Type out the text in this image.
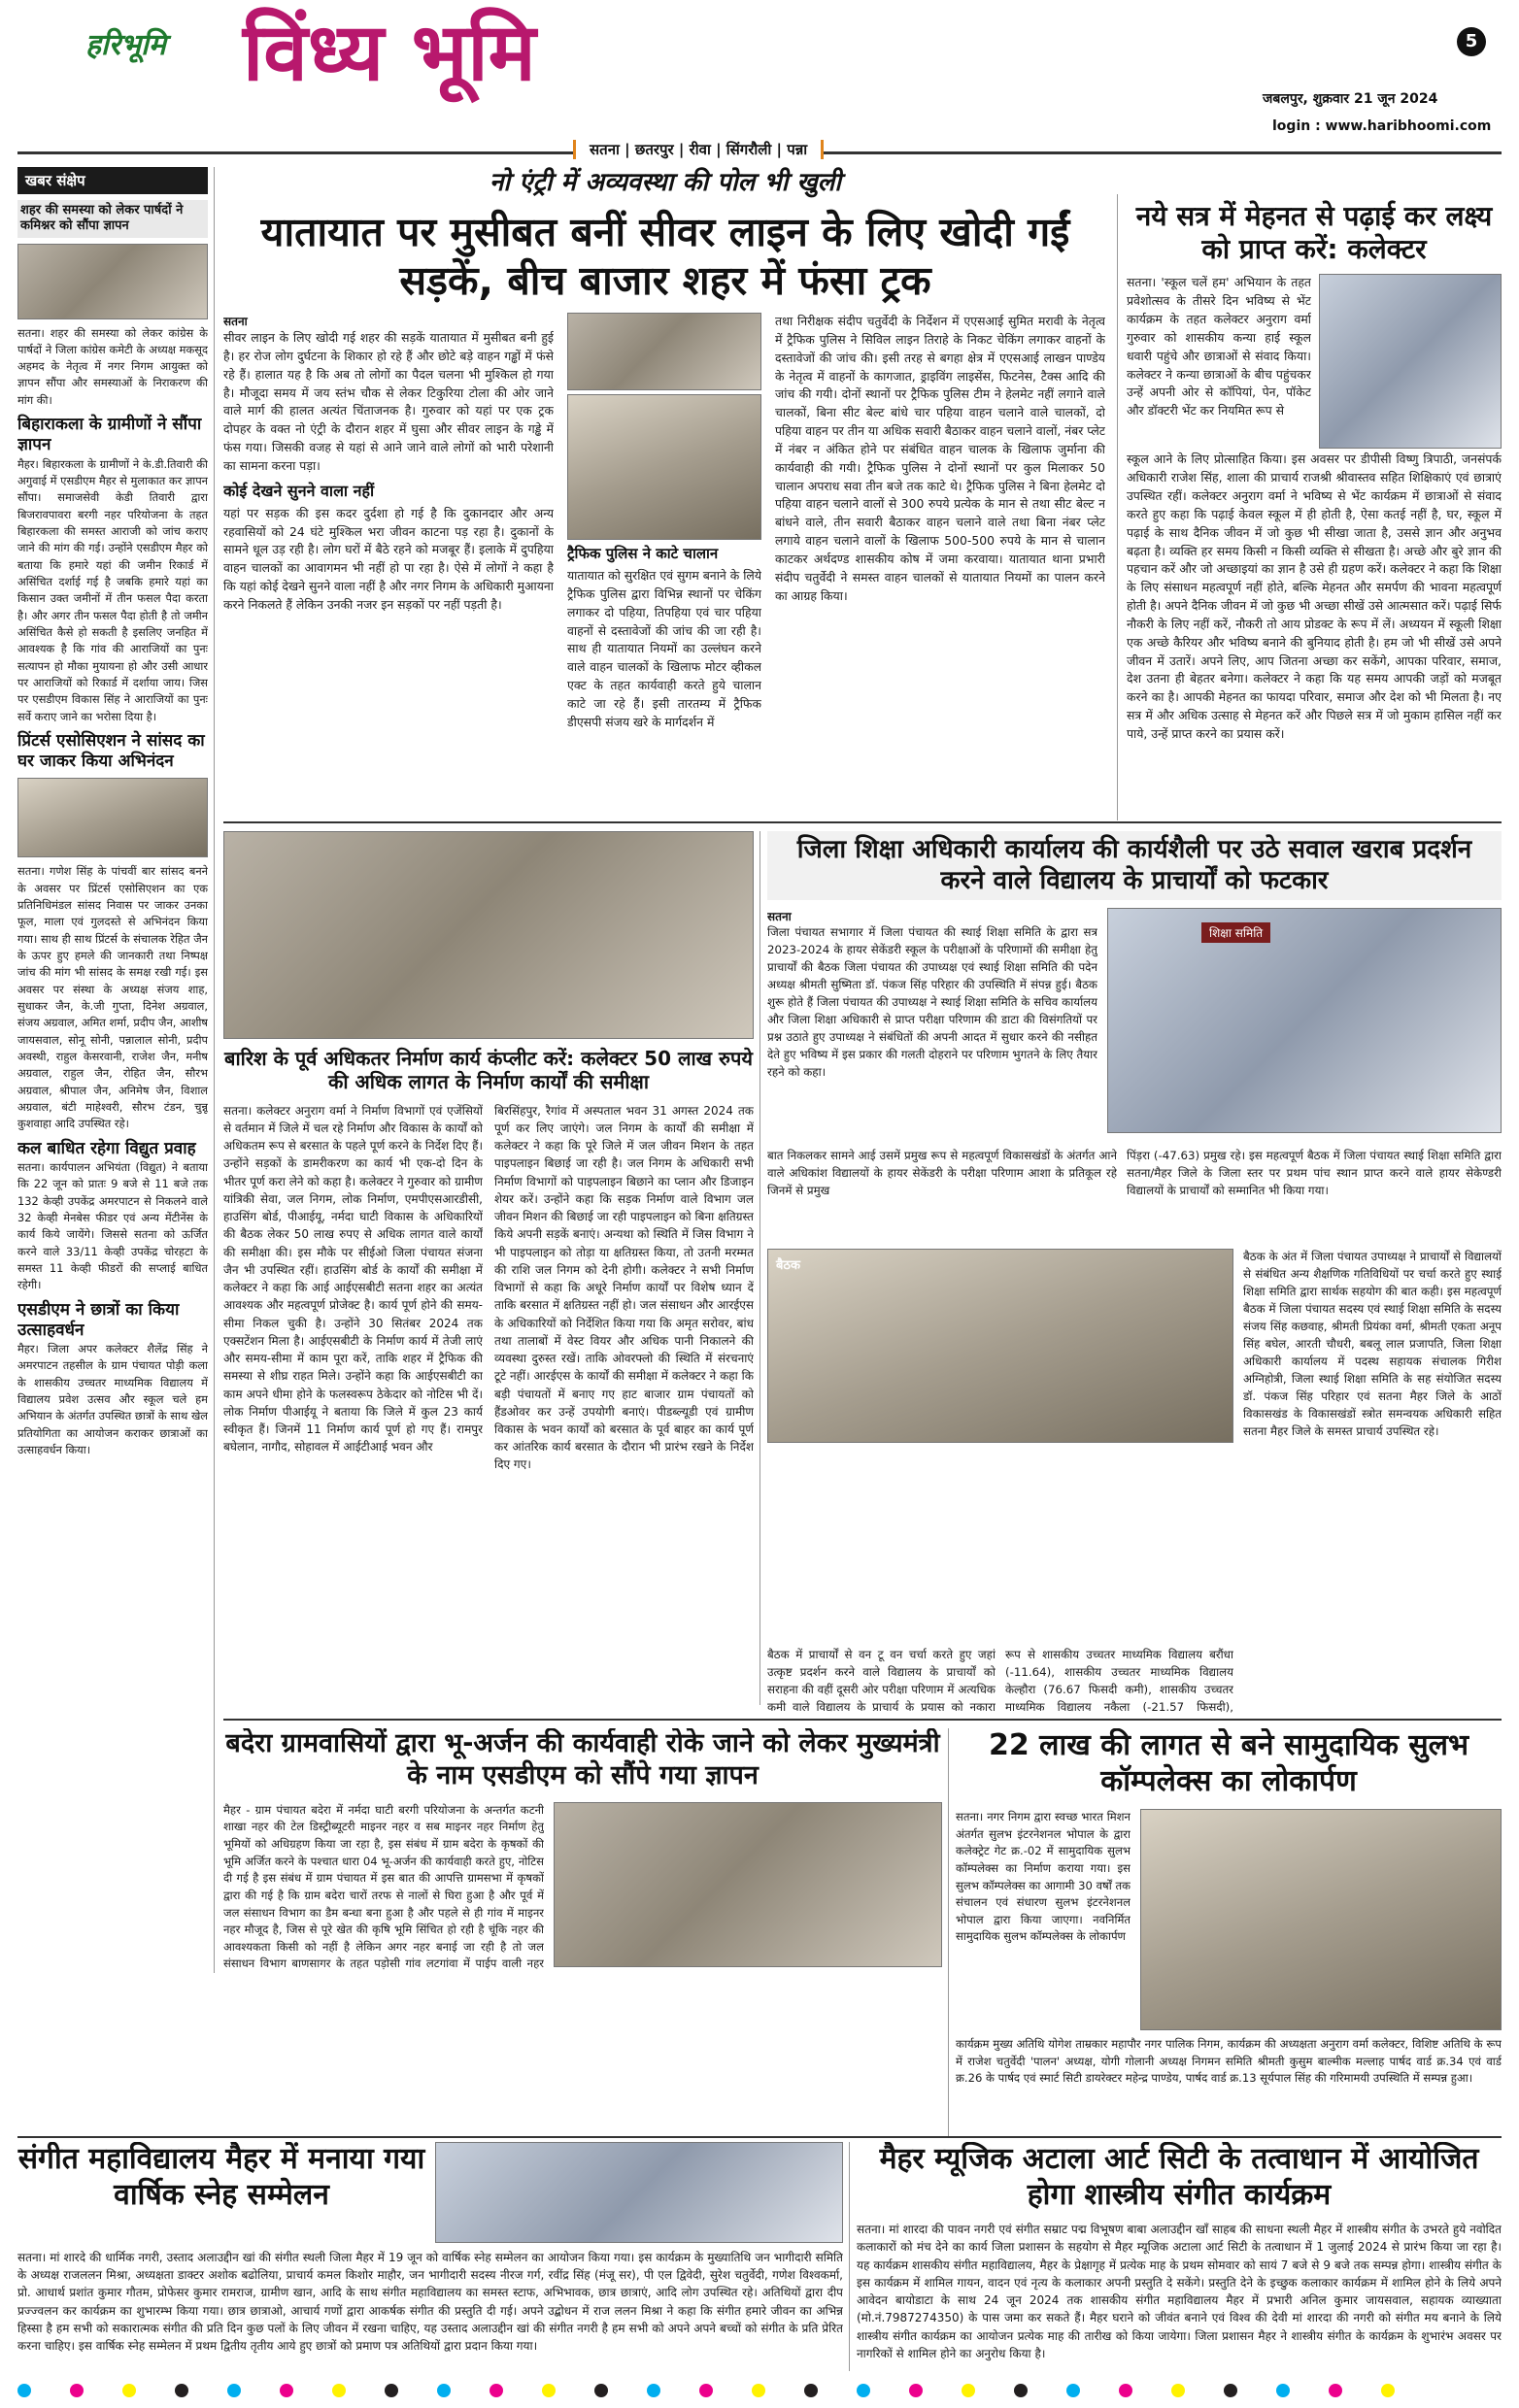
हरिभूमि विंध्य भूमि	5
जबलपुर, शुक्रवार 21 जून 2024
login : www.haribhoomi.com
सतना | छतरपुर | रीवा | सिंगरौली | पन्ना
खबर संक्षेप
शहर की समस्या को लेकर पार्षदों ने कमिश्नर को सौंपा ज्ञापन
सतना। शहर की समस्या को लेकर कांग्रेस के पार्षदों ने जिला कांग्रेस कमेटी के अध्यक्ष मकसूद अहमद के नेतृत्व में नगर निगम आयुक्त को ज्ञापन सौंपा और समस्याओं के निराकरण की मांग की।
बिहाराकला के ग्रामीणों ने सौंपा ज्ञापन
मैहर। बिहारकला के ग्रामीणों ने के.डी.तिवारी की अगुवाई में एसडीएम मैहर से मुलाकात कर ज्ञापन सौंपा। समाजसेवी केडी तिवारी द्वारा बिजरावपावरा बरगी नहर परियोजना के तहत बिहारकला की समस्त आराजी को जांच कराए जाने की मांग की गई। उन्होंने एसडीएम मैहर को बताया कि हमारे यहां की जमीन रिकार्ड में असिंचित दर्शाई गई है जबकि हमारे यहां का किसान उक्त जमीनों में तीन फसल पैदा करता है। और अगर तीन फसल पैदा होती है तो जमीन असिंचित कैसे हो सकती है इसलिए जनहित में आवश्यक है कि गांव की आराजियों का पुनः सत्यापन हो मौका मुयायना हो और उसी आधार पर आराजियों को रिकार्ड में दर्शाया जाय। जिस पर एसडीएम विकास सिंह ने आराजियों का पुनः सर्वे कराए जाने का भरोसा दिया है।
प्रिंटर्स एसोसिएशन ने सांसद का घर जाकर किया अभिनंदन
सतना। गणेश सिंह के पांचवीं बार सांसद बनने के अवसर पर प्रिंटर्स एसोसिएशन का एक प्रतिनिधिमंडल सांसद निवास पर जाकर उनका फूल, माला एवं गुलदस्ते से अभिनंदन किया गया। साथ ही साथ प्रिंटर्स के संचालक रेहित जैन के ऊपर हुए हमले की जानकारी तथा निष्पक्ष जांच की मांग भी सांसद के समक्ष रखी गई। इस अवसर पर संस्था के अध्यक्ष संजय शाह, सुधाकर जैन, के.जी गुप्ता, दिनेश अग्रवाल, संजय अग्रवाल, अमित शर्मा, प्रदीप जैन, आशीष जायसवाल, सोनू सोनी, पन्नालाल सोनी, प्रदीप अवस्थी, राहुल केसरवानी, राजेश जैन, मनीष अग्रवाल, राहुल जैन, रोहित जैन, सौरभ अग्रवाल, श्रीपाल जैन, अनिमेष जैन, विशाल अग्रवाल, बंटी माहेश्वरी, सौरभ टंडन, चुन्नू कुशवाहा आदि उपस्थित रहे।
कल बाधित रहेगा विद्युत प्रवाह
सतना। कार्यपालन अभियंता (विद्युत) ने बताया कि 22 जून को प्रातः 9 बजे से 11 बजे तक 132 केव्ही उपकेंद्र अमरपाटन से निकलने वाले 32 केव्ही मेनबेस फीडर एवं अन्य मेंटीनेंस के कार्य किये जायेंगे। जिससे सतना को ऊर्जित करने वाले 33/11 केव्ही उपकेंद्र चोरहटा के समस्त 11 केव्ही फीडरों की सप्लाई बाधित रहेगी।
एसडीएम ने छात्रों का किया उत्साहवर्धन
मैहर। जिला अपर कलेक्टर शैलेंद्र सिंह ने अमरपाटन तहसील के ग्राम पंचायत पोड़ी कला के शासकीय उच्चतर माध्यमिक विद्यालय में विद्यालय प्रवेश उत्सव और स्कूल चले हम अभियान के अंतर्गत उपस्थित छात्रों के साथ खेल प्रतियोगिता का आयोजन कराकर छात्राओं का उत्साहवर्धन किया।
नो एंट्री में अव्यवस्था की पोल भी खुली
यातायात पर मुसीबत बनीं सीवर लाइन के लिए खोदी गईं सड़कें, बीच बाजार शहर में फंसा ट्रक
सतना
सीवर लाइन के लिए खोदी गई शहर की सड़कें यातायात में मुसीबत बनी हुई है। हर रोज लोग दुर्घटना के शिकार हो रहे हैं और छोटे बड़े वाहन गड्ढों में फंसे रहे हैं। हालात यह है कि अब तो लोगों का पैदल चलना भी मुश्किल हो गया है। मौजूदा समय में जय स्तंभ चौक से लेकर टिकुरिया टोला की ओर जाने वाले मार्ग की हालत अत्यंत चिंताजनक है। गुरुवार को यहां पर एक ट्रक दोपहर के वक्त नो एंट्री के दौरान शहर में घुसा और सीवर लाइन के गड्ढे में फंस गया। जिसकी वजह से यहां से आने जाने वाले लोगों को भारी परेशानी का सामना करना पड़ा।
कोई देखने सुनने वाला नहीं
यहां पर सड़क की इस कदर दुर्दशा हो गई है कि दुकानदार और अन्य रहवासियों को 24 घंटे मुश्किल भरा जीवन काटना पड़ रहा है। दुकानों के सामने धूल उड़ रही है। लोग घरों में बैठे रहने को मजबूर हैं। इलाके में दुपहिया वाहन चालकों का आवागमन भी नहीं हो पा रहा है। ऐसे में लोगों ने कहा है कि यहां कोई देखने सुनने वाला नहीं है और नगर निगम के अधिकारी मुआयना करने निकलते हैं लेकिन उनकी नजर इन सड़कों पर नहीं पड़ती है।
ट्रैफिक पुलिस ने काटे चालान
यातायात को सुरक्षित एवं सुगम बनाने के लिये ट्रैफिक पुलिस द्वारा विभिन्न स्थानों पर चेकिंग लगाकर दो पहिया, तिपहिया एवं चार पहिया वाहनों से दस्तावेजों की जांच की जा रही है। साथ ही यातायात नियमों का उल्लंघन करने वाले वाहन चालकों के खिलाफ मोटर व्हीकल एक्ट के तहत कार्यवाही करते हुये चालान काटे जा रहे हैं। इसी तारतम्य में ट्रैफिक डीएसपी संजय खरे के मार्गदर्शन में
तथा निरीक्षक संदीप चतुर्वेदी के निर्देशन में एएसआई सुमित मरावी के नेतृत्व में ट्रैफिक पुलिस ने सिविल लाइन तिराहे के निकट चेकिंग लगाकर वाहनों के दस्तावेजों की जांच की। इसी तरह से बगहा क्षेत्र में एएसआई लाखन पाण्डेय के नेतृत्व में वाहनों के कागजात, ड्राइविंग लाइसेंस, फिटनेस, टैक्स आदि की जांच की गयी। दोनों स्थानों पर ट्रैफिक पुलिस टीम ने हेलमेट नहीं लगाने वाले चालकों, बिना सीट बेल्ट बांधे चार पहिया वाहन चलाने वाले चालकों, दो पहिया वाहन पर तीन या अधिक सवारी बैठाकर वाहन चलाने वालों, नंबर प्लेट में नंबर न अंकित होने पर संबंधित वाहन चालक के खिलाफ जुर्माना की कार्यवाही की गयी। ट्रैफिक पुलिस ने दोनों स्थानों पर कुल मिलाकर 50 चालान अपराध सवा तीन बजे तक काटे थे। ट्रैफिक पुलिस ने बिना हेलमेट दो पहिया वाहन चलाने वालों से 300 रुपये प्रत्येक के मान से तथा सीट बेल्ट न बांधने वाले, तीन सवारी बैठाकर वाहन चलाने वाले तथा बिना नंबर प्लेट लगाये वाहन चलाने वालों के खिलाफ 500-500 रुपये के मान से चालान काटकर अर्थदण्ड शासकीय कोष में जमा करवाया। यातायात थाना प्रभारी संदीप चतुर्वेदी ने समस्त वाहन चालकों से यातायात नियमों का पालन करने का आग्रह किया।
नये सत्र में मेहनत से पढ़ाई कर लक्ष्य को प्राप्त करें: कलेक्टर
सतना। 'स्कूल चलें हम' अभियान के तहत प्रवेशोत्सव के तीसरे दिन भविष्य से भेंट कार्यक्रम के तहत कलेक्टर अनुराग वर्मा गुरुवार को शासकीय कन्या हाई स्कूल धवारी पहुंचे और छात्राओं से संवाद किया। कलेक्टर ने कन्या छात्राओं के बीच पहुंचकर उन्हें अपनी ओर से कॉपियां, पेन, पॉकेट और डॉक्टरी भेंट कर नियमित रूप से
स्कूल आने के लिए प्रोत्साहित किया। इस अवसर पर डीपीसी विष्णु त्रिपाठी, जनसंपर्क अधिकारी राजेश सिंह, शाला की प्राचार्य राजश्री श्रीवास्तव सहित शिक्षिकाएं एवं छात्राएं उपस्थित रहीं। कलेक्टर अनुराग वर्मा ने भविष्य से भेंट कार्यक्रम में छात्राओं से संवाद करते हुए कहा कि पढ़ाई केवल स्कूल में ही होती है, ऐसा कतई नहीं है, घर, स्कूल में पढ़ाई के साथ दैनिक जीवन में जो कुछ भी सीखा जाता है, उससे ज्ञान और अनुभव बढ़ता है। व्यक्ति हर समय किसी न किसी व्यक्ति से सीखता है। अच्छे और बुरे ज्ञान की पहचान करें और जो अच्छाइयां का ज्ञान है उसे ही ग्रहण करें। कलेक्टर ने कहा कि शिक्षा के लिए संसाधन महत्वपूर्ण नहीं होते, बल्कि मेहनत और समर्पण की भावना महत्वपूर्ण होती है। अपने दैनिक जीवन में जो कुछ भी अच्छा सीखें उसे आत्मसात करें। पढ़ाई सिर्फ नौकरी के लिए नहीं करें, नौकरी तो आय प्रोडक्ट के रूप में लें। अध्ययन में स्कूली शिक्षा एक अच्छे कैरियर और भविष्य बनाने की बुनियाद होती है। हम जो भी सीखें उसे अपने जीवन में उतारें। अपने लिए, आप जितना अच्छा कर सकेंगे, आपका परिवार, समाज, देश उतना ही बेहतर बनेगा। कलेक्टर ने कहा कि यह समय आपकी जड़ों को मजबूत करने का है। आपकी मेहनत का फायदा परिवार, समाज और देश को भी मिलता है। नए सत्र में और अधिक उत्साह से मेहनत करें और पिछले सत्र में जो मुकाम हासिल नहीं कर पाये, उन्हें प्राप्त करने का प्रयास करें।
बारिश के पूर्व अधिकतर निर्माण कार्य कंप्लीट करें: कलेक्टर 50 लाख रुपये की अधिक लागत के निर्माण कार्यों की समीक्षा
सतना। कलेक्टर अनुराग वर्मा ने निर्माण विभागों एवं एजेंसियों से वर्तमान में जिले में चल रहे निर्माण और विकास के कार्यों को अधिकतम रूप से बरसात के पहले पूर्ण करने के निर्देश दिए हैं। उन्होंने सड़कों के डामरीकरण का कार्य भी एक-दो दिन के भीतर पूर्ण करा लेने को कहा है। कलेक्टर ने गुरुवार को ग्रामीण यांत्रिकी सेवा, जल निगम, लोक निर्माण, एमपीएसआरडीसी, हाउसिंग बोर्ड, पीआईयू, नर्मदा घाटी विकास के अधिकारियों की बैठक लेकर 50 लाख रुपए से अधिक लागत वाले कार्यों की समीक्षा की। इस मौके पर सीईओ जिला पंचायत संजना जैन भी उपस्थित रहीं। हाउसिंग बोर्ड के कार्यों की समीक्षा में कलेक्टर ने कहा कि आई आईएसबीटी सतना शहर का अत्यंत आवश्यक और महत्वपूर्ण प्रोजेक्ट है। कार्य पूर्ण होने की समय-सीमा निकल चुकी है। उन्होंने 30 सितंबर 2024 तक एक्सटेंशन मिला है। आईएसबीटी के निर्माण कार्य में तेजी लाएं और समय-सीमा में काम पूरा करें, ताकि शहर में ट्रैफिक की समस्या से शीघ्र राहत मिले। उन्होंने कहा कि आईएसबीटी का काम अपने धीमा होने के फलस्वरूप ठेकेदार को नोटिस भी दें। लोक निर्माण पीआईयू ने बताया कि जिले में कुल 23 कार्य स्वीकृत हैं। जिनमें 11 निर्माण कार्य पूर्ण हो गए हैं। रामपुर बघेलान, नागौद, सोहावल में आईटीआई भवन और
बिरसिंहपुर, रैगांव में अस्पताल भवन 31 अगस्त 2024 तक पूर्ण कर लिए जाएंगे। जल निगम के कार्यों की समीक्षा में कलेक्टर ने कहा कि पूरे जिले में जल जीवन मिशन के तहत पाइपलाइन बिछाई जा रही है। जल निगम के अधिकारी सभी निर्माण विभागों को पाइपलाइन बिछाने का प्लान और डिजाइन शेयर करें। उन्होंने कहा कि सड़क निर्माण वाले विभाग जल जीवन मिशन की बिछाई जा रही पाइपलाइन को बिना क्षतिग्रस्त किये अपनी सड़कें बनाएं। अन्यथा को स्थिति में जिस विभाग ने भी पाइपलाइन को तोड़ा या क्षतिग्रस्त किया, तो उतनी मरम्मत की राशि जल निगम को देनी होगी। कलेक्टर ने सभी निर्माण विभागों से कहा कि अधूरे निर्माण कार्यों पर विशेष ध्यान दें ताकि बरसात में क्षतिग्रस्त नहीं हो। जल संसाधन और आरईएस के अधिकारियों को निर्देशित किया गया कि अमृत सरोवर, बांध तथा तालाबों में वेस्ट वियर और अधिक पानी निकालने की व्यवस्था दुरुस्त रखें। ताकि ओवरफ्लो की स्थिति में संरचनाएं टूटे नहीं। आरईएस के कार्यों की समीक्षा में कलेक्टर ने कहा कि बड़ी पंचायतों में बनाए गए हाट बाजार ग्राम पंचायतों को हैंडओवर कर उन्हें उपयोगी बनाएं। पीडब्ल्यूडी एवं ग्रामीण विकास के भवन कार्यों को बरसात के पूर्व बाहर का कार्य पूर्ण कर आंतरिक कार्य बरसात के दौरान भी प्रारंभ रखने के निर्देश दिए गए।
जिला शिक्षा अधिकारी कार्यालय की कार्यशैली पर उठे सवाल खराब प्रदर्शन करने वाले विद्यालय के प्राचार्यों को फटकार
सतना
जिला पंचायत सभागार में जिला पंचायत की स्थाई शिक्षा समिति के द्वारा सत्र 2023-2024 के हायर सेकेंडरी स्कूल के परीक्षाओं के परिणामों की समीक्षा हेतु प्राचार्यों की बैठक जिला पंचायत की उपाध्यक्ष एवं स्थाई शिक्षा समिति की पदेन अध्यक्ष श्रीमती सुष्मिता डॉ. पंकज सिंह परिहार की उपस्थिति में संपन्न हुई। बैठक शुरू होते हैं जिला पंचायत की उपाध्यक्ष ने स्थाई शिक्षा समिति के सचिव कार्यालय और जिला शिक्षा अधिकारी से प्राप्त परीक्षा परिणाम की डाटा की विसंगतियों पर प्रश्न उठाते हुए उपाध्यक्ष ने संबंधितों की अपनी आदत में सुधार करने की नसीहत देते हुए भविष्य में इस प्रकार की गलती दोहराने पर परिणाम भुगतने के लिए तैयार रहने को कहा।
शिक्षा समिति
बात निकलकर सामने आई उसमें प्रमुख रूप से महत्वपूर्ण विकासखंडों के अंतर्गत आने वाले अधिकांश विद्यालयों के हायर सेकेंडरी के परीक्षा परिणाम आशा के प्रतिकूल रहे जिनमें से प्रमुख
पिंड़रा (-47.63) प्रमुख रहे। इस महत्वपूर्ण बैठक में जिला पंचायत स्थाई शिक्षा समिति द्वारा सतना/मैहर जिले के जिला स्तर पर प्रथम पांच स्थान प्राप्त करने वाले हायर सेकेण्डरी विद्यालयों के प्राचार्यों को सम्मानित भी किया गया।
बैठक
बैठक के अंत में जिला पंचायत उपाध्यक्ष ने प्राचार्यों से विद्यालयों से संबंधित अन्य शैक्षणिक गतिविधियों पर चर्चा करते हुए स्थाई शिक्षा समिति द्वारा सार्थक सहयोग की बात कही। इस महत्वपूर्ण बैठक में जिला पंचायत सदस्य एवं स्थाई शिक्षा समिति के सदस्य संजय सिंह कछवाह, श्रीमती प्रियंका वर्मा, श्रीमती एकता अनूप सिंह बघेल, आरती चौधरी, बबलू लाल प्रजापति, जिला शिक्षा अधिकारी कार्यालय में पदस्थ सहायक संचालक गिरीश अग्निहोत्री, जिला स्थाई शिक्षा समिति के सह संयोजित सदस्य डॉ. पंकज सिंह परिहार एवं सतना मैहर जिले के आठों विकासखंड के विकासखंडों स्त्रोत समन्वयक अधिकारी सहित सतना मैहर जिले के समस्त प्राचार्य उपस्थित रहे।
बैठक में प्राचार्यों से वन टू वन चर्चा करते हुए जहां उत्कृष्ट प्रदर्शन करने वाले विद्यालय के प्राचार्यों को सराहना की वहीं दूसरी ओर परीक्षा परिणाम में अत्यधिक कमी वाले विद्यालय के प्राचार्य के प्रयास को नकारा
रूप से शासकीय उच्चतर माध्यमिक विद्यालय बरौंधा (-11.64), शासकीय उच्चतर माध्यमिक विद्यालय केल्हौरा (76.67 फिसदी कमी), शासकीय उच्चतर माध्यमिक विद्यालय नकैला (-21.57 फिसदी),
बदेरा ग्रामवासियों द्वारा भू-अर्जन की कार्यवाही रोके जाने को लेकर मुख्यमंत्री के नाम एसडीएम को सौंपे गया ज्ञापन
मैहर - ग्राम पंचायत बदेरा में नर्मदा घाटी बरगी परियोजना के अन्तर्गत कटनी शाखा नहर की टेल डिस्ट्रीब्यूटरी माइनर नहर व सब माइनर नहर निर्माण हेतु भूमियों को अधिग्रहण किया जा रहा है, इस संबंध में ग्राम बदेरा के कृषकों की भूमि अर्जित करने के पश्चात धारा 04 भू-अर्जन की कार्यवाही करते हुए, नोटिस दी गई है इस संबंध में ग्राम पंचायत में इस बात की आपत्ति ग्रामसभा में कृषकों द्वारा की गई है कि ग्राम बदेरा चारों तरफ से नालों से घिरा हुआ है और पूर्व में जल संसाधन विभाग का डैम बन्धा बना हुआ है और पहले से ही गांव में माइनर नहर मौजूद है, जिस से पूरे खेत की कृषि भूमि सिंचित हो रही है चूंकि नहर की आवश्यकता किसी को नहीं है लेकिन अगर नहर बनाई जा रही है तो जल संसाधन विभाग बाणसागर के तहत पड़ोसी गांव लटगांवा में पाईप वाली नहर
22 लाख की लागत से बने सामुदायिक सुलभ कॉम्पलेक्स का लोकार्पण
सतना। नगर निगम द्वारा स्वच्छ भारत मिशन अंतर्गत सुलभ इंटरनेशनल भोपाल के द्वारा कलेक्ट्रेट गेट क्र.-02 में सामुदायिक सुलभ कॉम्पलेक्स का निर्माण कराया गया। इस सुलभ कॉम्पलेक्स का आगामी 30 वर्षों तक संचालन एवं संधारण सुलभ इंटरनेशनल भोपाल द्वारा किया जाएगा। नवनिर्मित सामुदायिक सुलभ कॉम्पलेक्स के लोकार्पण
कार्यक्रम मुख्य अतिथि योगेश ताम्रकार महापौर नगर पालिक निगम, कार्यक्रम की अध्यक्षता अनुराग वर्मा कलेक्टर, विशिष्ट अतिथि के रूप में राजेश चतुर्वेदी 'पालन' अध्यक्ष, योगी गोलानी अध्यक्ष निगमन समिति श्रीमती कुसुम बाल्मीक मल्लाह पार्षद वार्ड क्र.34 एवं वार्ड क्र.26 के पार्षद एवं स्मार्ट सिटी डायरेक्टर महेन्द्र पाण्डेय, पार्षद वार्ड क्र.13 सूर्यपाल सिंह की गरिमामयी उपस्थिति में सम्पन्न हुआ।
संगीत महाविद्यालय मैहर में मनाया गया वार्षिक स्नेह सम्मेलन
सतना। मां शारदे की धार्मिक नगरी, उस्ताद अलाउद्दीन खां की संगीत स्थली जिला मैहर में 19 जून को वार्षिक स्नेह सम्मेलन का आयोजन किया गया। इस कार्यक्रम के मुख्यातिथि जन भागीदारी समिति के अध्यक्ष राजललन मिश्रा, अध्यक्षता डाक्टर अशोक बढोलिया, प्राचार्य कमल किशोर माहौर, जन भागीदारी सदस्य नीरज गर्ग, रवींद्र सिंह (मंजू सर), पी एल द्विवेदी, सुरेश चतुर्वेदी, गणेश विश्वकर्मा, प्रो. आधार्थ प्रशांत कुमार गौतम, प्रोफेसर कुमार रामराज, ग्रामीण खान, आदि के साथ संगीत महाविद्यालय का समस्त स्टाफ, अभिभावक, छात्र छात्राएं, आदि लोग उपस्थित रहे। अतिथियों द्वारा दीप प्रज्ज्वलन कर कार्यक्रम का शुभारम्भ किया गया। छात्र छात्राओ, आचार्य गणों द्वारा आकर्षक संगीत की प्रस्तुति दी गई। अपने उद्बोधन में राज ललन मिश्रा ने कहा कि संगीत हमारे जीवन का अभिन्न हिस्सा है हम सभी को सकारात्मक संगीत की प्रति दिन कुछ पलों के लिए जीवन में रखना चाहिए, यह उस्ताद अलाउद्दीन खां की संगीत नगरी है हम सभी को अपने अपने बच्चों को संगीत के प्रति प्रेरित करना चाहिए। इस वार्षिक स्नेह सम्मेलन में प्रथम द्वितीय तृतीय आये हुए छात्रों को प्रमाण पत्र अतिथियों द्वारा प्रदान किया गया।
मैहर म्यूजिक अटाला आर्ट सिटी के तत्वाधान में आयोजित होगा शास्त्रीय संगीत कार्यक्रम
सतना। मां शारदा की पावन नगरी एवं संगीत सम्राट पद्म विभूषण बाबा अलाउद्दीन खाँ साहब की साधना स्थली मैहर में शास्त्रीय संगीत के उभरते हुये नवोदित कलाकारों को मंच देने का कार्य जिला प्रशासन के सहयोग से मैहर म्यूजिक अटाला आर्ट सिटी के तत्वाधान में 1 जुलाई 2024 से प्रारंभ किया जा रहा है। यह कार्यक्रम शासकीय संगीत महाविद्यालय, मैहर के प्रेक्षागृह में प्रत्येक माह के प्रथम सोमवार को सायं 7 बजे से 9 बजे तक सम्पन्न होगा। शास्त्रीय संगीत के इस कार्यक्रम में शामिल गायन, वादन एवं नृत्य के कलाकार अपनी प्रस्तुति दे सकेंगे। प्रस्तुति देने के इच्छुक कलाकार कार्यक्रम में शामिल होने के लिये अपने आवेदन बायोडाटा के साथ 24 जून 2024 तक शासकीय संगीत महाविद्यालय मैहर में प्रभारी अनिल कुमार जायसवाल, सहायक व्याख्याता (मो.नं.7987274350) के पास जमा कर सकते हैं। मैहर घराने को जीवंत बनाने एवं विश्व की देवी मां शारदा की नगरी को संगीत मय बनाने के लिये शास्त्रीय संगीत कार्यक्रम का आयोजन प्रत्येक माह की तारीख को किया जायेगा। जिला प्रशासन मैहर ने शास्त्रीय संगीत के कार्यक्रम के शुभारंभ अवसर पर नागरिकों से शामिल होने का अनुरोध किया है।
